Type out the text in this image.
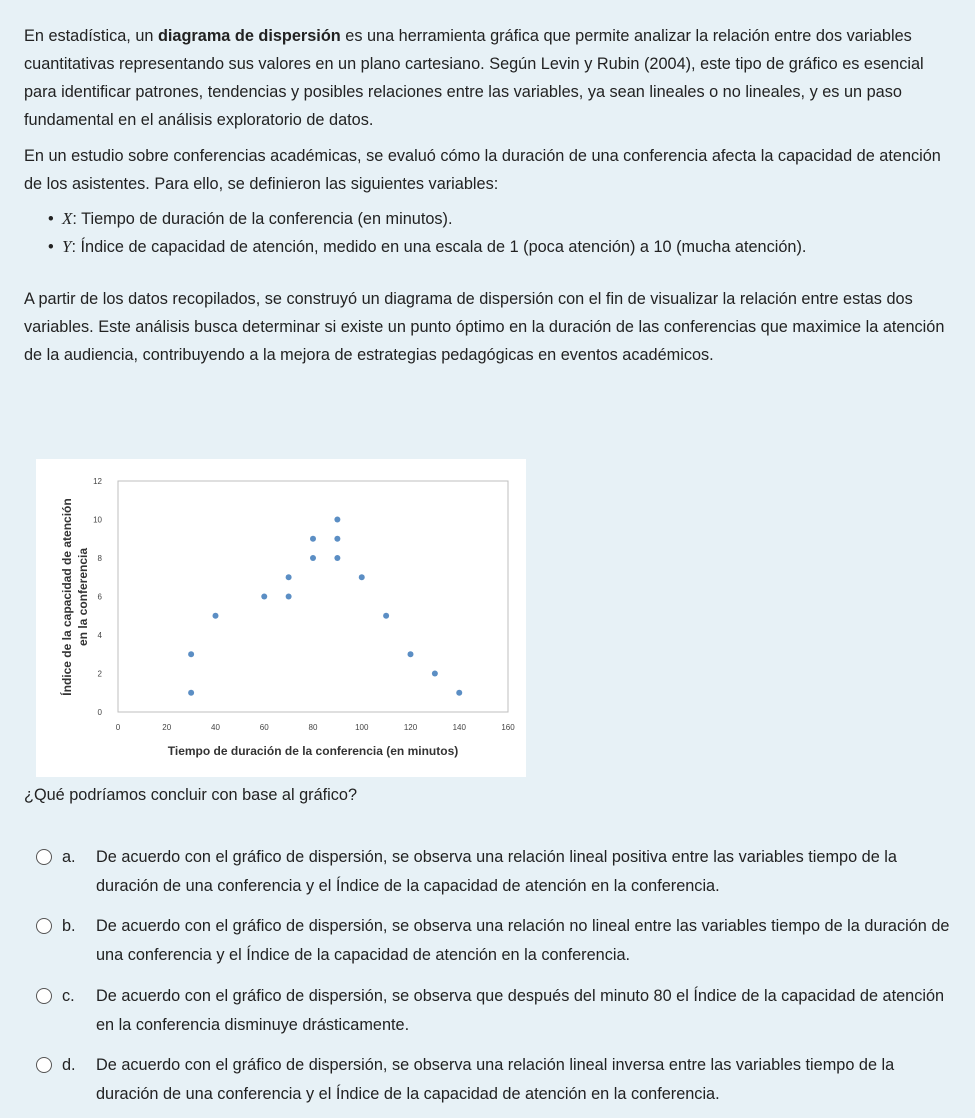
En estadística, un diagrama de dispersión es una herramienta gráfica que permite analizar la relación entre dos variables cuantitativas representando sus valores en un plano cartesiano. Según Levin y Rubin (2004), este tipo de gráfico es esencial para identificar patrones, tendencias y posibles relaciones entre las variables, ya sean lineales o no lineales, y es un paso fundamental en el análisis exploratorio de datos.

En un estudio sobre conferencias académicas, se evaluó cómo la duración de una conferencia afecta la capacidad de atención de los asistentes. Para ello, se definieron las siguientes variables:

• X: Tiempo de duración de la conferencia (en minutos).
• Y: Índice de capacidad de atención, medido en una escala de 1 (poca atención) a 10 (mucha atención).

A partir de los datos recopilados, se construyó un diagrama de dispersión con el fin de visualizar la relación entre estas dos variables. Este análisis busca determinar si existe un punto óptimo en la duración de las conferencias que maximice la atención de la audiencia, contribuyendo a la mejora de estrategias pedagógicas en eventos académicos.

0
2
4
6
8
10
12
0	20	40	60	80	100	120	140	160
Tiempo de duración de la conferencia (en minutos)
Índice de la capacidad de atención en la conferencia
¿Qué podríamos concluir con base al gráfico?
a. De acuerdo con el gráfico de dispersión, se observa una relación lineal positiva entre las variables tiempo de la duración de una conferencia y el Índice de la capacidad de atención en la conferencia.
b. De acuerdo con el gráfico de dispersión, se observa una relación no lineal entre las variables tiempo de la duración de una conferencia y el Índice de la capacidad de atención en la conferencia.
c. De acuerdo con el gráfico de dispersión, se observa que después del minuto 80 el Índice de la capacidad de atención en la conferencia disminuye drásticamente.
d. De acuerdo con el gráfico de dispersión, se observa una relación lineal inversa entre las variables tiempo de la duración de una conferencia y el Índice de la capacidad de atención en la conferencia.
